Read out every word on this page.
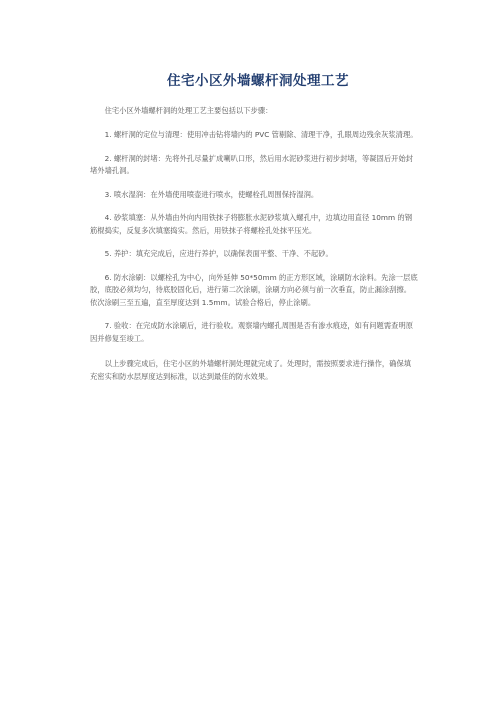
住宅小区外墙螺杆洞处理工艺

住宅小区外墙螺杆洞的处理工艺主要包括以下步骤：

1. 螺杆洞的定位与清理：使用冲击钻将墙内的 PVC 管剔除、清理干净，孔眼周边残余灰浆清理。

2. 螺杆洞的封堵：先将外孔尽量扩成喇叭口形，然后用水泥砂浆进行初步封堵，等凝固后开始封堵外墙孔洞。

3. 喷水湿润：在外墙使用喷壶进行喷水，使螺栓孔周围保持湿润。

4. 砂浆填塞：从外墙由外向内用铁抹子将膨胀水泥砂浆填入螺孔中，边填边用直径 10mm 的钢筋棍捣实，反复多次填塞捣实。然后，用铁抹子将螺栓孔处抹平压光。

5. 养护：填充完成后，应进行养护，以确保表面平整、干净、不起砂。

6. 防水涂刷：以螺栓孔为中心，向外延伸 50*50mm 的正方形区域，涂刷防水涂料。先涂一层底胶，底胶必须均匀，待底胶固化后，进行第二次涂刷，涂刷方向必须与前一次垂直，防止漏涂刮擦。依次涂刷三至五遍，直至厚度达到 1.5mm。试验合格后，停止涂刷。

7. 验收：在完成防水涂刷后，进行验收。观察墙内螺孔周围是否有渗水痕迹，如有问题需查明原因并修复至竣工。

以上步骤完成后，住宅小区的外墙螺杆洞处理就完成了。处理时，需按照要求进行操作，确保填充密实和防水层厚度达到标准，以达到最佳的防水效果。
